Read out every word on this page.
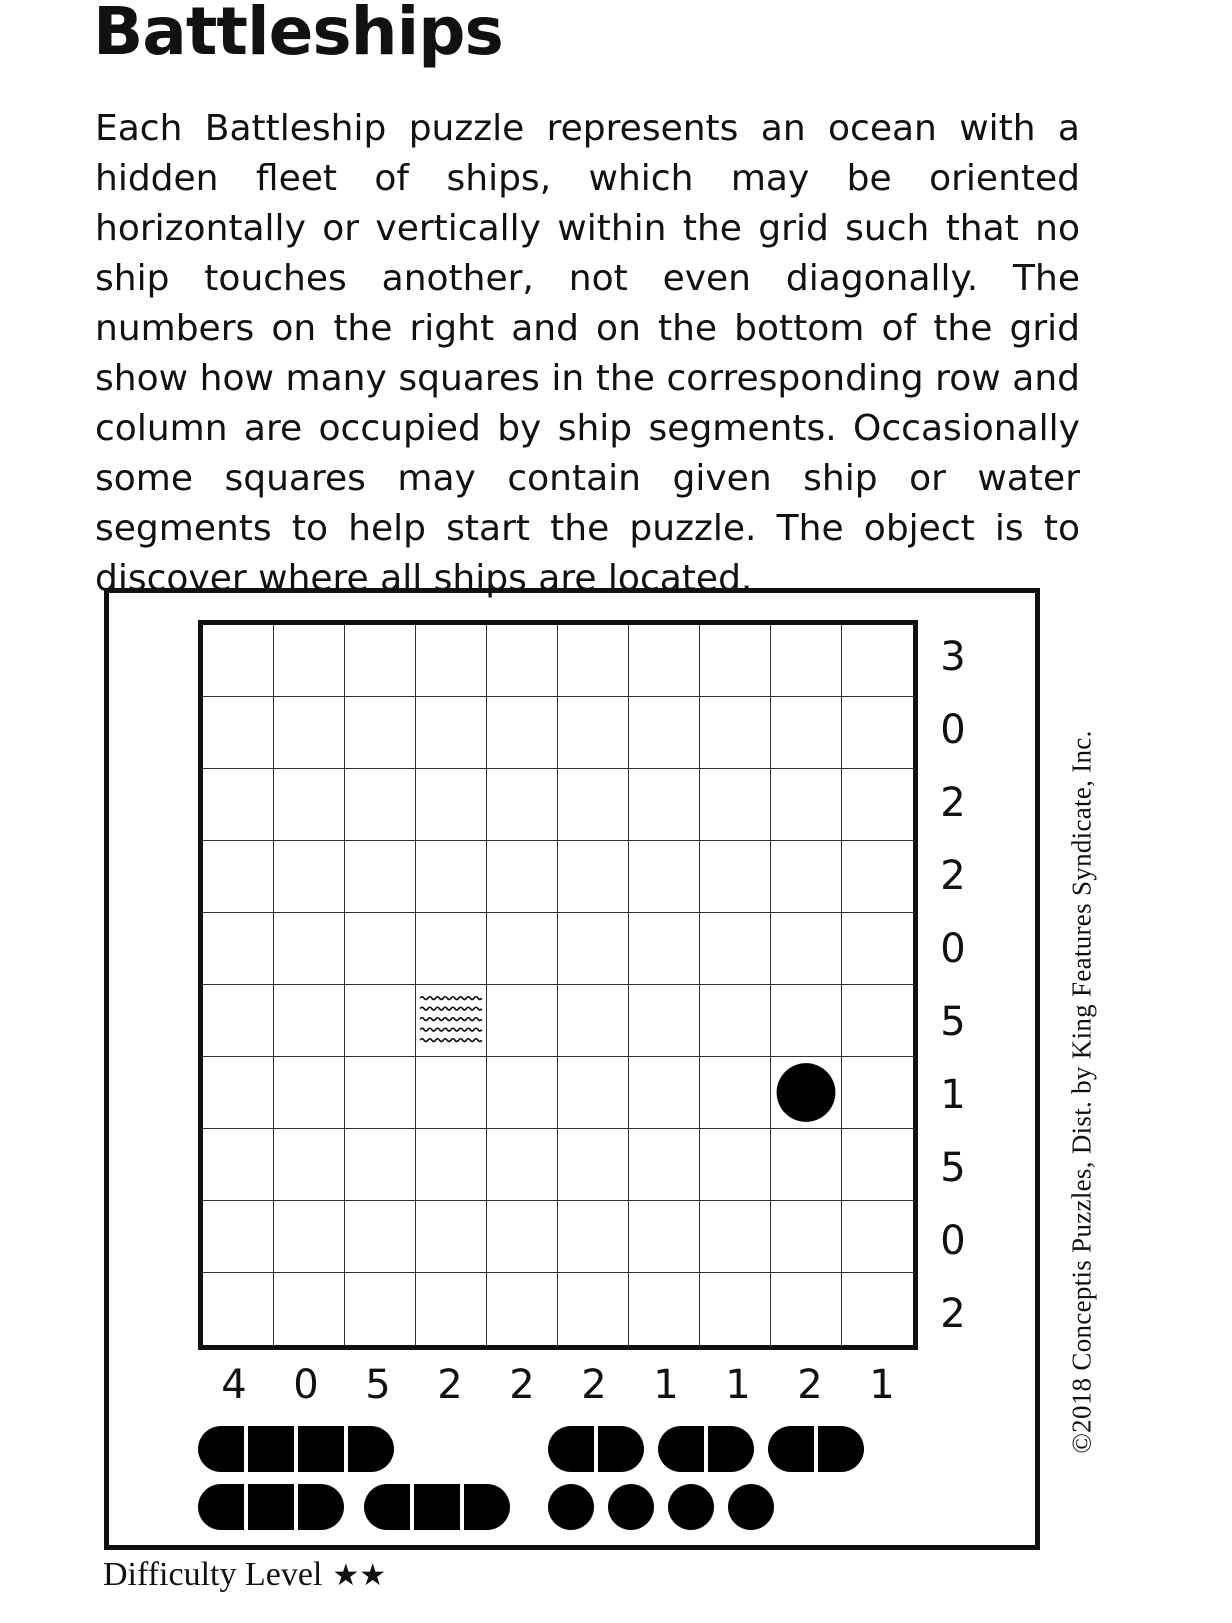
Battleships

Each Battleship puzzle represents an ocean with a hidden fleet of ships, which may be oriented horizontally or vertically within the grid such that no ship touches another, not even diagonally. The numbers on the right and on the bottom of the grid show how many squares in the corresponding row and column are occupied by ship segments. Occasionally some squares may contain given ship or water segments to help start the puzzle. The object is to discover where all ships are located.

3
0
2
2
0
5
1
5
0
2
4	0	5	2	2	2	1	1	2	1	©2018 Conceptis Puzzles, Dist. by King Features Syndicate, Inc.
Difficulty Level ★★
